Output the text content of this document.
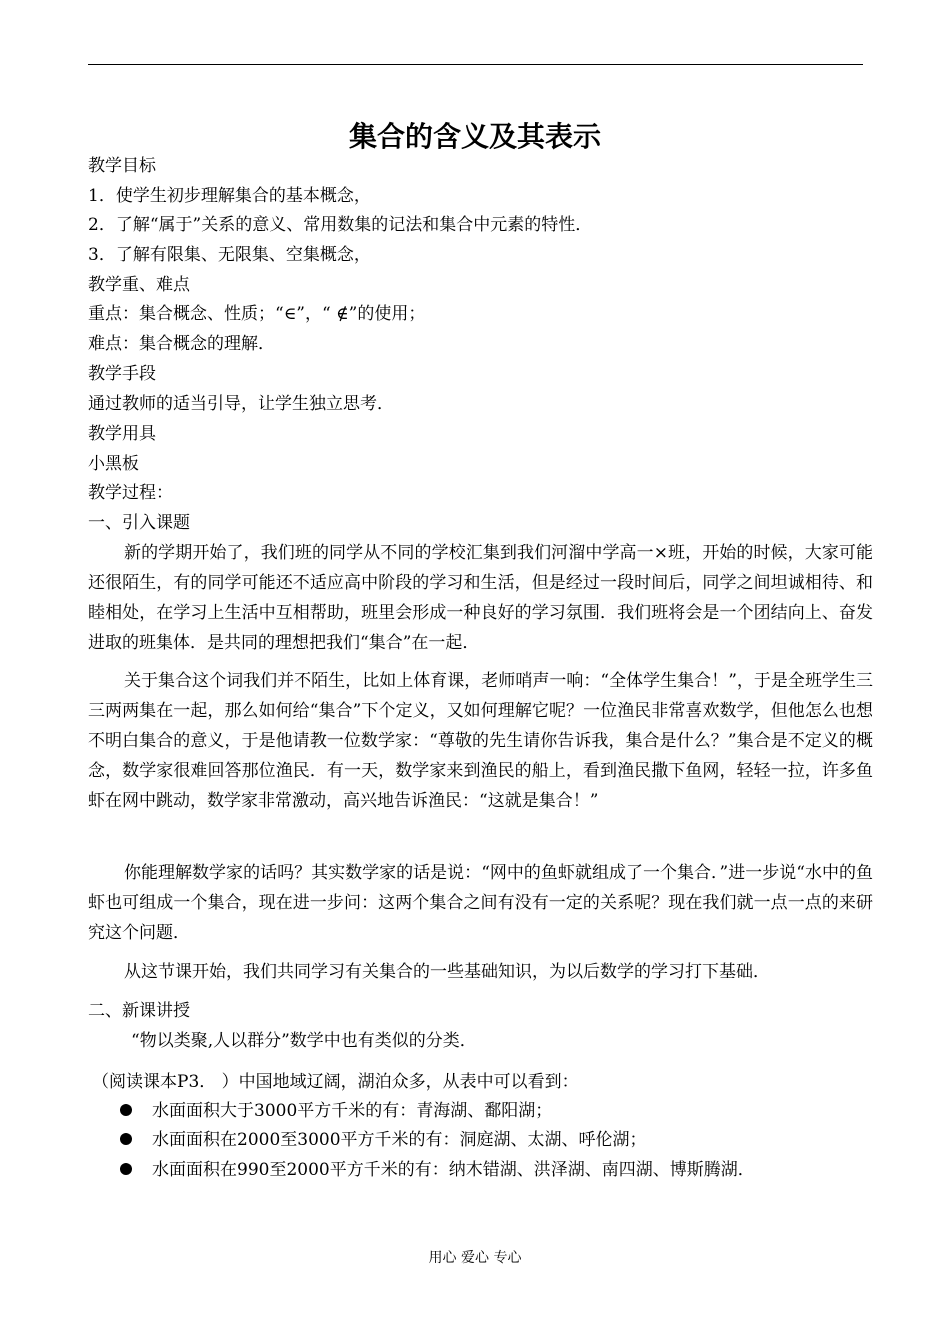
集合的含义及其表示
教学目标
1．使学生初步理解集合的基本概念，
2．了解“属于”关系的意义、常用数集的记法和集合中元素的特性．
3．了解有限集、无限集、空集概念，
教学重、难点
重点：集合概念、性质；“∈”，“ ∉”的使用；
难点：集合概念的理解．
教学手段
通过教师的适当引导，让学生独立思考．
教学用具
小黑板
教学过程：
一、引入课题
新的学期开始了，我们班的同学从不同的学校汇集到我们河溜中学高一×班，开始的时候，大家可能还很陌生，有的同学可能还不适应高中阶段的学习和生活，但是经过一段时间后，同学之间坦诚相待、和睦相处，在学习上生活中互相帮助，班里会形成一种良好的学习氛围．我们班将会是一个团结向上、奋发进取的班集体．是共同的理想把我们“集合”在一起．
关于集合这个词我们并不陌生，比如上体育课，老师哨声一响：“全体学生集合！”，于是全班学生三三两两集在一起，那么如何给“集合”下个定义，又如何理解它呢？一位渔民非常喜欢数学，但他怎么也想不明白集合的意义，于是他请教一位数学家：“尊敬的先生请你告诉我，集合是什么？”集合是不定义的概念，数学家很难回答那位渔民．有一天，数学家来到渔民的船上，看到渔民撒下鱼网，轻轻一拉，许多鱼虾在网中跳动，数学家非常激动，高兴地告诉渔民：“这就是集合！”
你能理解数学家的话吗？其实数学家的话是说：“网中的鱼虾就组成了一个集合．”进一步说“水中的鱼虾也可组成一个集合，现在进一步问：这两个集合之间有没有一定的关系呢？现在我们就一点一点的来研究这个问题．
从这节课开始，我们共同学习有关集合的一些基础知识，为以后数学的学习打下基础．
二、新课讲授
“物以类聚,人以群分”数学中也有类似的分类．
（阅读课本P3． ）中国地域辽阔，湖泊众多，从表中可以看到：
水面面积大于3000平方千米的有：青海湖、鄱阳湖；
水面面积在2000至3000平方千米的有：洞庭湖、太湖、呼伦湖；
水面面积在990至2000平方千米的有：纳木错湖、洪泽湖、南四湖、博斯腾湖．
用心 爱心 专心
